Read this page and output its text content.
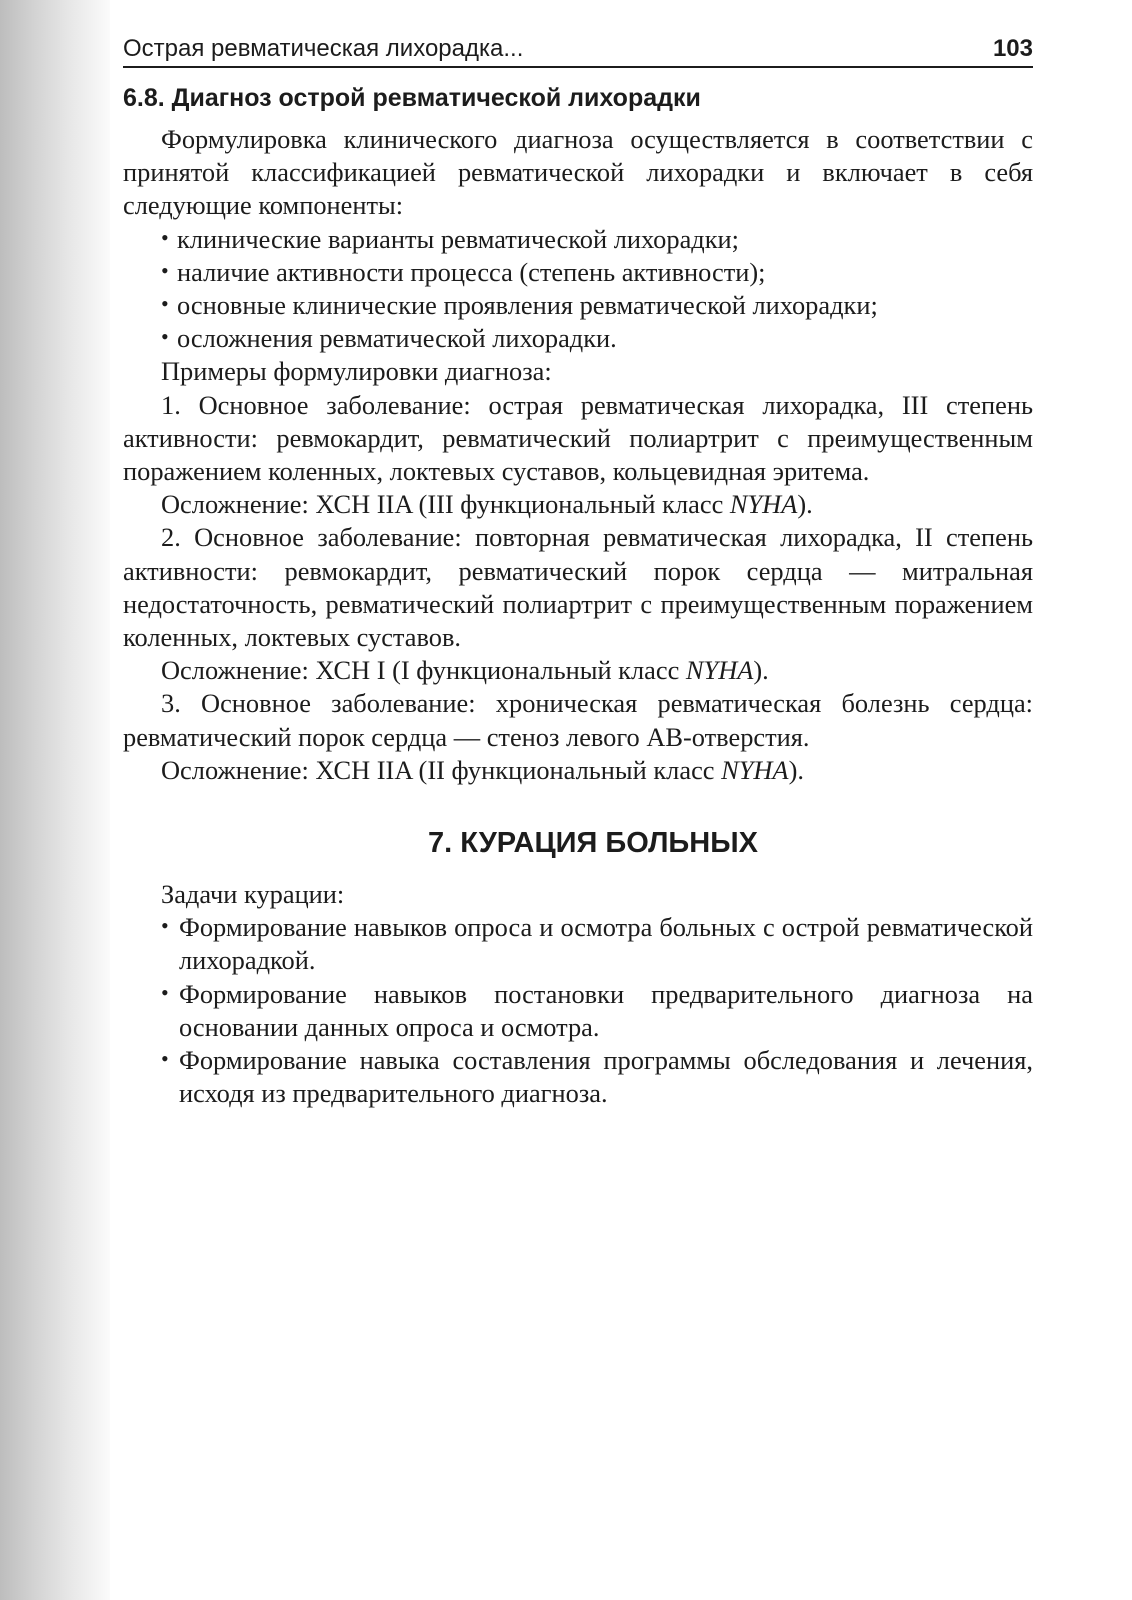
Острая ревматическая лихорадка...	103
6.8. Диагноз острой ревматической лихорадки

Формулировка клинического диагноза осуществляется в соответствии с принятой классификацией ревматической лихорадки и включает в себя следующие компоненты:

• клинические варианты ревматической лихорадки;
• наличие активности процесса (степень активности);
• основные клинические проявления ревматической лихорадки;
• осложнения ревматической лихорадки.

Примеры формулировки диагноза:

1. Основное заболевание: острая ревматическая лихорадка, III степень активности: ревмокардит, ревматический полиартрит с преимущественным поражением коленных, локтевых суставов, кольцевидная эритема.

Осложнение: ХСН IIA (III функциональный класс NYHA).

2. Основное заболевание: повторная ревматическая лихорадка, II степень активности: ревмокардит, ревматический порок сердца — митральная недостаточность, ревматический полиартрит с преимущественным поражением коленных, локтевых суставов.

Осложнение: ХСН I (I функциональный класс NYHA).

3. Основное заболевание: хроническая ревматическая болезнь сердца: ревматический порок сердца — стеноз левого АВ-отверстия.

Осложнение: ХСН IIA (II функциональный класс NYHA).

7. КУРАЦИЯ БОЛЬНЫХ

Задачи курации:

• Формирование навыков опроса и осмотра больных с острой ревматической лихорадкой.
• Формирование навыков постановки предварительного диагноза на основании данных опроса и осмотра.
• Формирование навыка составления программы обследования и лечения, исходя из предварительного диагноза.
